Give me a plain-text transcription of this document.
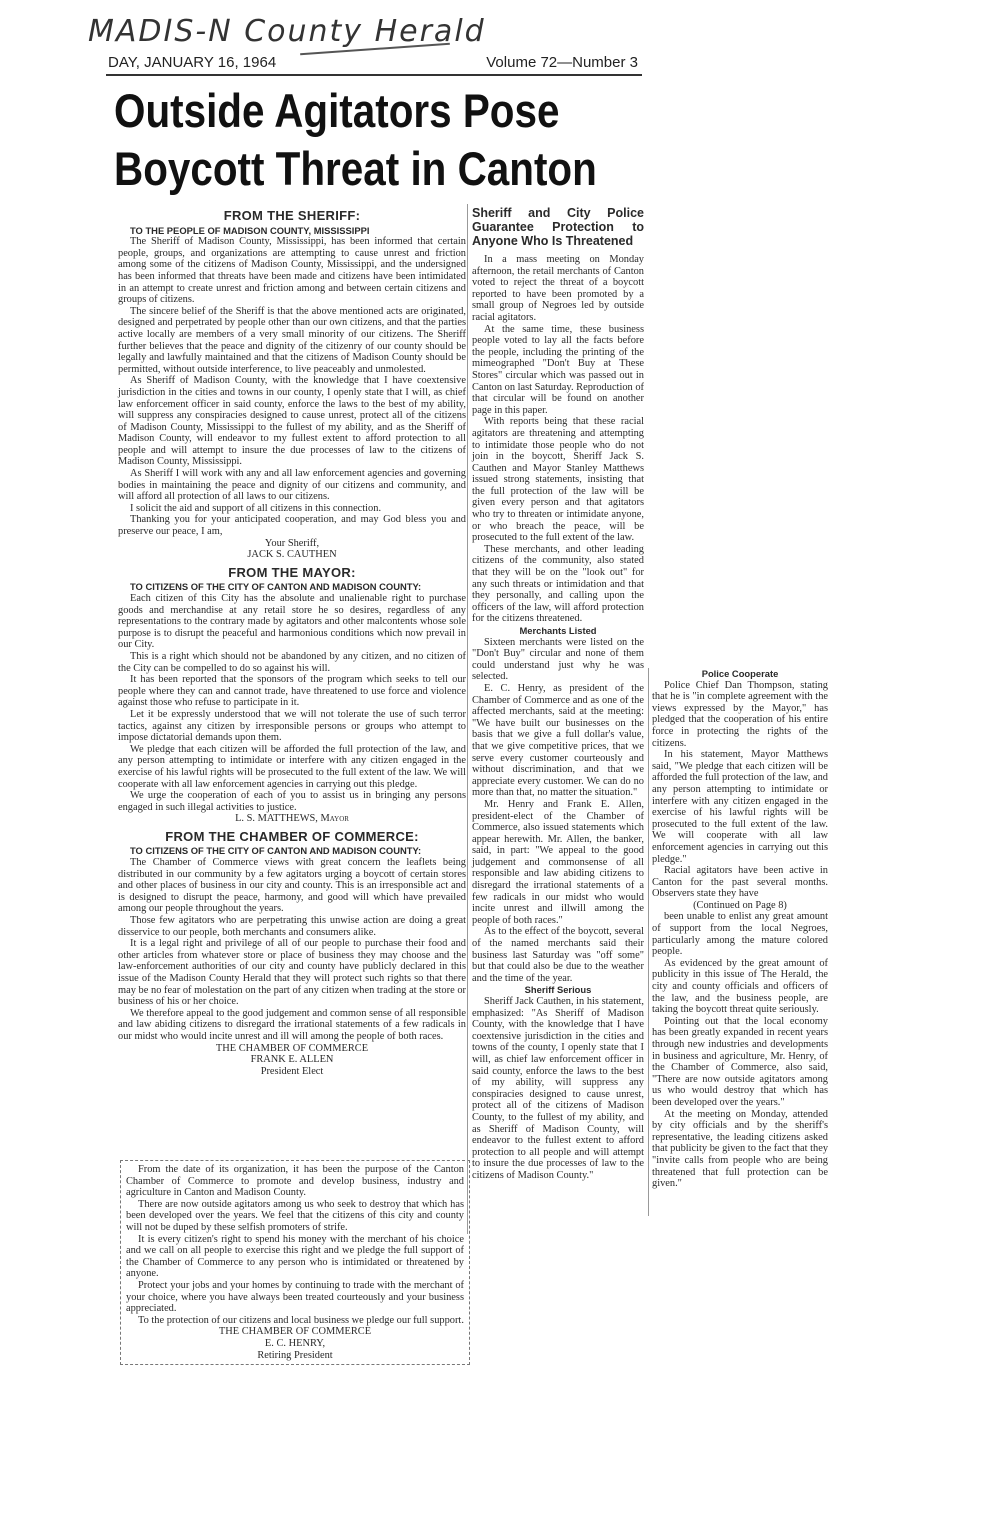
MADIS-N County Herald
DAY, JANUARY 16, 1964	Volume 72—Number 3
Outside Agitators Pose
Boycott Threat in Canton
FROM THE SHERIFF:

TO THE PEOPLE OF MADISON COUNTY, MISSISSIPPI

The Sheriff of Madison County, Mississippi, has been informed that certain people, groups, and organizations are attempting to cause unrest and friction among some of the citizens of Madison County, Mississippi, and the undersigned has been informed that threats have been made and citizens have been intimidated in an attempt to create unrest and friction among and between certain citizens and groups of citizens.

The sincere belief of the Sheriff is that the above mentioned acts are originated, designed and perpetrated by people other than our own citizens, and that the parties active locally are members of a very small minority of our citizens. The Sheriff further believes that the peace and dignity of the citizenry of our county should be legally and lawfully maintained and that the citizens of Madison County should be permitted, without outside interference, to live peaceably and unmolested.

As Sheriff of Madison County, with the knowledge that I have coextensive jurisdiction in the cities and towns in our county, I openly state that I will, as chief law enforcement officer in said county, enforce the laws to the best of my ability, will suppress any conspiracies designed to cause unrest, protect all of the citizens of Madison County, Mississippi to the fullest of my ability, and as the Sheriff of Madison County, will endeavor to my fullest extent to afford protection to all people and will attempt to insure the due processes of law to the citizens of Madison County, Mississippi.

As Sheriff I will work with any and all law enforcement agencies and governing bodies in maintaining the peace and dignity of our citizens and community, and will afford all protection of all laws to our citizens.

I solicit the aid and support of all citizens in this connection.

Thanking you for your anticipated cooperation, and may God bless you and preserve our peace, I am,

Your Sheriff,

JACK S. CAUTHEN

FROM THE MAYOR:

TO CITIZENS OF THE CITY OF CANTON AND MADISON COUNTY:

Each citizen of this City has the absolute and unalienable right to purchase goods and merchandise at any retail store he so desires, regardless of any representations to the contrary made by agitators and other malcontents whose sole purpose is to disrupt the peaceful and harmonious conditions which now prevail in our City.

This is a right which should not be abandoned by any citizen, and no citizen of the City can be compelled to do so against his will.

It has been reported that the sponsors of the program which seeks to tell our people where they can and cannot trade, have threatened to use force and violence against those who refuse to participate in it.

Let it be expressly understood that we will not tolerate the use of such terror tactics, against any citizen by irresponsible persons or groups who attempt to impose dictatorial demands upon them.

We pledge that each citizen will be afforded the full protection of the law, and any person attempting to intimidate or interfere with any citizen engaged in the exercise of his lawful rights will be prosecuted to the full extent of the law. We will cooperate with all law enforcement agencies in carrying out this pledge.

We urge the cooperation of each of you to assist us in bringing any persons engaged in such illegal activities to justice.

L. S. MATTHEWS, Mayor

FROM THE CHAMBER OF COMMERCE:

TO CITIZENS OF THE CITY OF CANTON AND MADISON COUNTY:

The Chamber of Commerce views with great concern the leaflets being distributed in our community by a few agitators urging a boycott of certain stores and other places of business in our city and county. This is an irresponsible act and is designed to disrupt the peace, harmony, and good will which have prevailed among our people throughout the years.

Those few agitators who are perpetrating this unwise action are doing a great disservice to our people, both merchants and consumers alike.

It is a legal right and privilege of all of our people to purchase their food and other articles from whatever store or place of business they may choose and the law-enforcement authorities of our city and county have publicly declared in this issue of the Madison County Herald that they will protect such rights so that there may be no fear of molestation on the part of any citizen when trading at the store or business of his or her choice.

We therefore appeal to the good judgement and common sense of all responsible and law abiding citizens to disregard the irrational statements of a few radicals in our midst who would incite unrest and ill will among the people of both races.

THE CHAMBER OF COMMERCE

FRANK E. ALLEN

President Elect

From the date of its organization, it has been the purpose of the Canton Chamber of Commerce to promote and develop business, industry and agriculture in Canton and Madison County.

There are now outside agitators among us who seek to destroy that which has been developed over the years. We feel that the citizens of this city and county will not be duped by these selfish promoters of strife.

It is every citizen's right to spend his money with the merchant of his choice and we call on all people to exercise this right and we pledge the full support of the Chamber of Commerce to any person who is intimidated or threatened by anyone.

Protect your jobs and your homes by continuing to trade with the merchant of your choice, where you have always been treated courteously and your business appreciated.

To the protection of our citizens and local business we pledge our full support.

THE CHAMBER OF COMMERCE

E. C. HENRY,

Retiring President

Sheriff and City Police Guarantee Protection to Anyone Who Is Threatened

In a mass meeting on Monday afternoon, the retail merchants of Canton voted to reject the threat of a boycott reported to have been promoted by a small group of Negroes led by outside racial agitators.

At the same time, these business people voted to lay all the facts before the people, including the printing of the mimeographed "Don't Buy at These Stores" circular which was passed out in Canton on last Saturday. Reproduction of that circular will be found on another page in this paper.

With reports being that these racial agitators are threatening and attempting to intimidate those people who do not join in the boycott, Sheriff Jack S. Cauthen and Mayor Stanley Matthews issued strong statements, insisting that the full protection of the law will be given every person and that agitators who try to threaten or intimidate anyone, or who breach the peace, will be prosecuted to the full extent of the law.

These merchants, and other leading citizens of the community, also stated that they will be on the "look out" for any such threats or intimidation and that they personally, and calling upon the officers of the law, will afford protection for the citizens threatened.

Merchants Listed

Sixteen merchants were listed on the "Don't Buy" circular and none of them could understand just why he was selected.

E. C. Henry, as president of the Chamber of Commerce and as one of the affected merchants, said at the meeting: "We have built our businesses on the basis that we give a full dollar's value, that we give competitive prices, that we serve every customer courteously and without discrimination, and that we appreciate every customer. We can do no more than that, no matter the situation."

Mr. Henry and Frank E. Allen, president-elect of the Chamber of Commerce, also issued statements which appear herewith. Mr. Allen, the banker, said, in part: "We appeal to the good judgement and commonsense of all responsible and law abiding citizens to disregard the irrational statements of a few radicals in our midst who would incite unrest and illwill among the people of both races."

As to the effect of the boycott, several of the named merchants said their business last Saturday was "off some" but that could also be due to the weather and the time of the year.

Sheriff Serious

Sheriff Jack Cauthen, in his statement, emphasized: "As Sheriff of Madison County, with the knowledge that I have coextensive jurisdiction in the cities and towns of the county, I openly state that I will, as chief law enforcement officer in said county, enforce the laws to the best of my ability, will suppress any conspiracies designed to cause unrest, protect all of the citizens of Madison County, to the fullest of my ability, and as Sheriff of Madison County, will endeavor to the fullest extent to afford protection to all people and will attempt to insure the due processes of law to the citizens of Madison County."

Police Cooperate

Police Chief Dan Thompson, stating that he is "in complete agreement with the views expressed by the Mayor," has pledged that the cooperation of his entire force in protecting the rights of the citizens.

In his statement, Mayor Matthews said, "We pledge that each citizen will be afforded the full protection of the law, and any person attempting to intimidate or interfere with any citizen engaged in the exercise of his lawful rights will be prosecuted to the full extent of the law. We will cooperate with all law enforcement agencies in carrying out this pledge."

Racial agitators have been active in Canton for the past several months. Observers state they have

(Continued on Page 8)

been unable to enlist any great amount of support from the local Negroes, particularly among the mature colored people.

As evidenced by the great amount of publicity in this issue of The Herald, the city and county officials and officers of the law, and the business people, are taking the boycott threat quite seriously.

Pointing out that the local economy has been greatly expanded in recent years through new industries and developments in business and agriculture, Mr. Henry, of the Chamber of Commerce, also said, "There are now outside agitators among us who would destroy that which has been developed over the years."

At the meeting on Monday, attended by city officials and by the sheriff's representative, the leading citizens asked that publicity be given to the fact that they "invite calls from people who are being threatened that full protection can be given."
